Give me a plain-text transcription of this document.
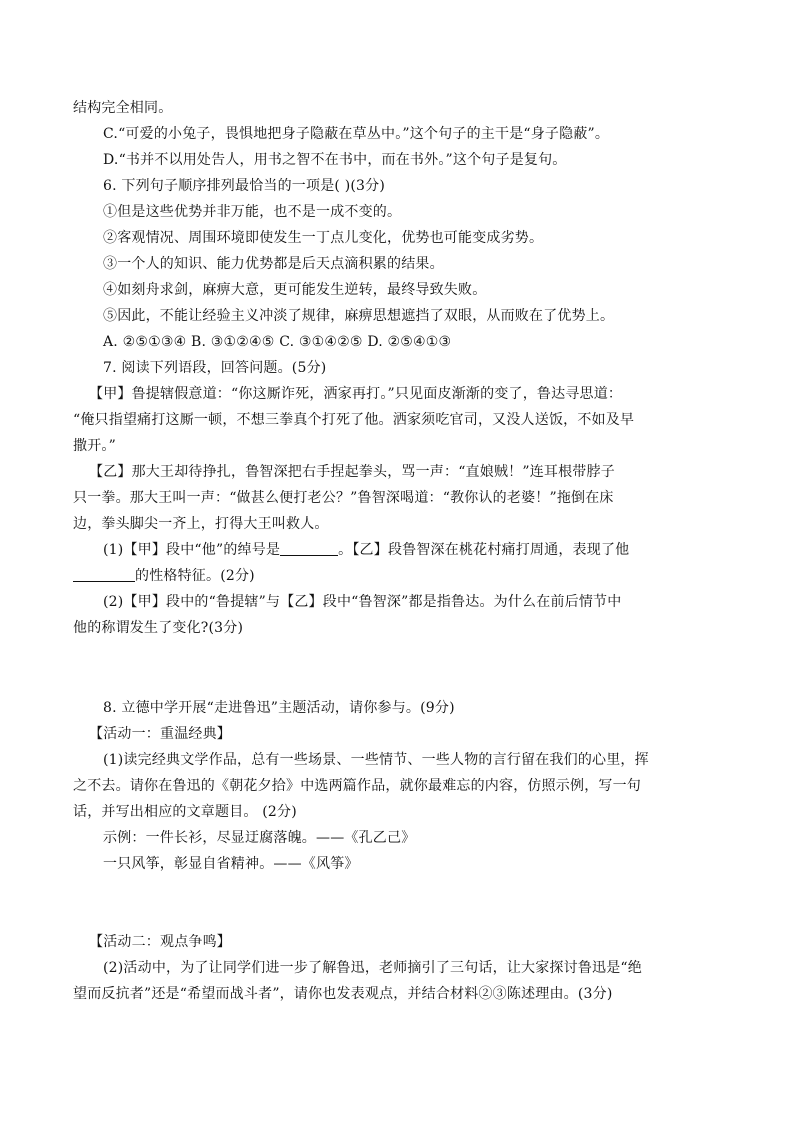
结构完全相同。
C.“可爱的小兔子，畏惧地把身子隐蔽在草丛中。”这个句子的主干是“身子隐蔽”。
D.“书并不以用处告人，用书之智不在书中，而在书外。”这个句子是复句。
6. 下列句子顺序排列最恰当的一项是( )(3分)
①但是这些优势并非万能，也不是一成不变的。
②客观情况、周围环境即使发生一丁点儿变化，优势也可能变成劣势。
③一个人的知识、能力优势都是后天点滴积累的结果。
④如刻舟求剑，麻痹大意，更可能发生逆转，最终导致失败。
⑤因此，不能让经验主义冲淡了规律，麻痹思想遮挡了双眼，从而败在了优势上。
A. ②⑤①③④ B. ③①②④⑤ C. ③①④②⑤ D. ②⑤④①③
7. 阅读下列语段，回答问题。(5分)
【甲】鲁提辖假意道：“你这厮诈死，洒家再打。”只见面皮渐渐的变了，鲁达寻思道：
“俺只指望痛打这厮一顿，不想三拳真个打死了他。洒家须吃官司，又没人送饭，不如及早
撒开。”
【乙】那大王却待挣扎，鲁智深把右手捏起拳头，骂一声：“直娘贼！”连耳根带脖子
只一拳。那大王叫一声：“做甚么便打老公？”鲁智深喝道：“教你认的老婆！”拖倒在床
边，拳头脚尖一齐上，打得大王叫救人。
(1)【甲】段中“他”的绰号是	。【乙】段鲁智深在桃花村痛打周通，表现了他
的性格特征。(2分)
(2)【甲】段中的“鲁提辖”与【乙】段中“鲁智深”都是指鲁达。为什么在前后情节中
他的称谓发生了变化?(3分)
8. 立德中学开展“走进鲁迅”主题活动，请你参与。(9分)
【活动一：重温经典】
(1)读完经典文学作品，总有一些场景、一些情节、一些人物的言行留在我们的心里，挥
之不去。请你在鲁迅的《朝花夕拾》中选两篇作品，就你最难忘的内容，仿照示例，写一句
话，并写出相应的文章题目。 (2分)
示例：一件长衫，尽显迂腐落魄。——《孔乙己》
一只风筝，彰显自省精神。——《风筝》
【活动二：观点争鸣】
(2)活动中，为了让同学们进一步了解鲁迅，老师摘引了三句话，让大家探讨鲁迅是“绝
望而反抗者”还是“希望而战斗者”，请你也发表观点，并结合材料②③陈述理由。(3分)
